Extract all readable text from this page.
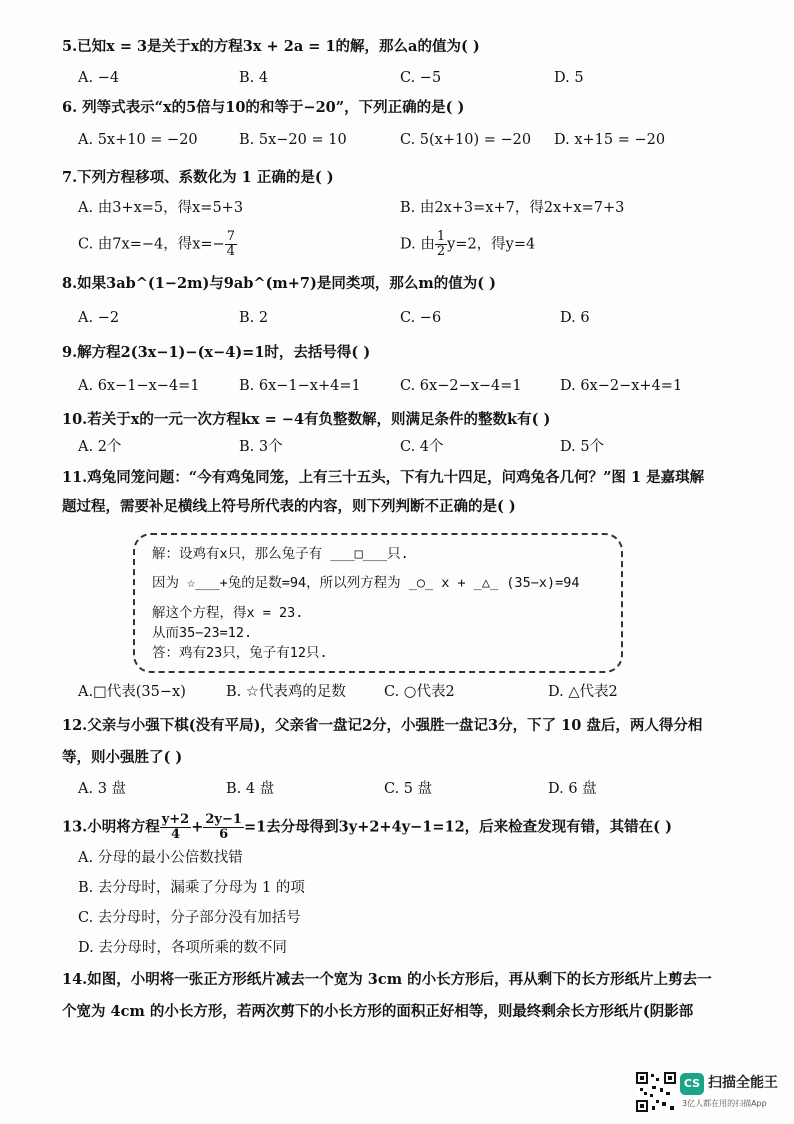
5.已知x = 3是关于x的方程3x + 2a = 1的解，那么a的值为( )
A. −4	B. 4	C. −5	D. 5
6. 列等式表示“x的5倍与10的和等于−20”，下列正确的是( )
A. 5x+10 = −20	B. 5x−20 = 10	C. 5(x+10) = −20 D. x+15 = −20
7.下列方程移项、系数化为 1 正确的是( )
A. 由3+x=5，得x=5+3	B. 由2x+3=x+7，得2x+x=7+3
C. 由7x=−4，得$x=- \frac{7}{4}$	D. 由 $\frac{1}{2} y=2$，得y=4
8.如果3ab^(1−2m)与9ab^(m+7)是同类项，那么m的值为( )
A. −2	B. 2	C. −6	D. 6
9.解方程2(3x−1)−(x−4)=1时，去括号得( )
A. 6x−1−x−4=1	B. 6x−1−x+4=1	C. 6x−2−x−4=1	D. 6x−2−x+4=1
10.若关于x的一元一次方程kx = −4有负整数解，则满足条件的整数k有( )
A. 2个	B. 3个	C. 4个	D. 5个
11.鸡兔同笼问题：“今有鸡兔同笼，上有三十五头，下有九十四足，问鸡兔各几何？”图 1 是嘉琪解
题过程，需要补足横线上符号所代表的内容，则下列判断不正确的是( )
解：设鸡有x只，那么兔子有 ___□___只.
因为 ☆___+兔的足数=94，所以列方程为 _○_ x + _△_ (35−x)=94
解这个方程，得x = 23.
从而35−23=12.
答：鸡有23只，兔子有12只.
A.□代表(35−x)	B. ☆代表鸡的足数	C. ○代表2	D. △代表2
12.父亲与小强下棋(没有平局)，父亲省一盘记2分，小强胜一盘记3分，下了 10 盘后，两人得分相
等，则小强胜了( )
A. 3 盘	B. 4 盘	C. 5 盘	D. 6 盘
13.小明将方程 $\frac{y+2}{4} + \frac{2y-1}{6} =1$去分母得到3y+2+4y−1=12，后来检查发现有错，其错在( )
A. 分母的最小公倍数找错
B. 去分母时，漏乘了分母为 1 的项
C. 去分母时，分子部分没有加括号
D. 去分母时，各项所乘的数不同
14.如图，小明将一张正方形纸片减去一个宽为 3cm 的小长方形后，再从剩下的长方形纸片上剪去一
个宽为 4cm 的小长方形，若两次剪下的小长方形的面积正好相等，则最终剩余长方形纸片(阴影部
CS 扫描全能王
3亿人都在用的扫描App
